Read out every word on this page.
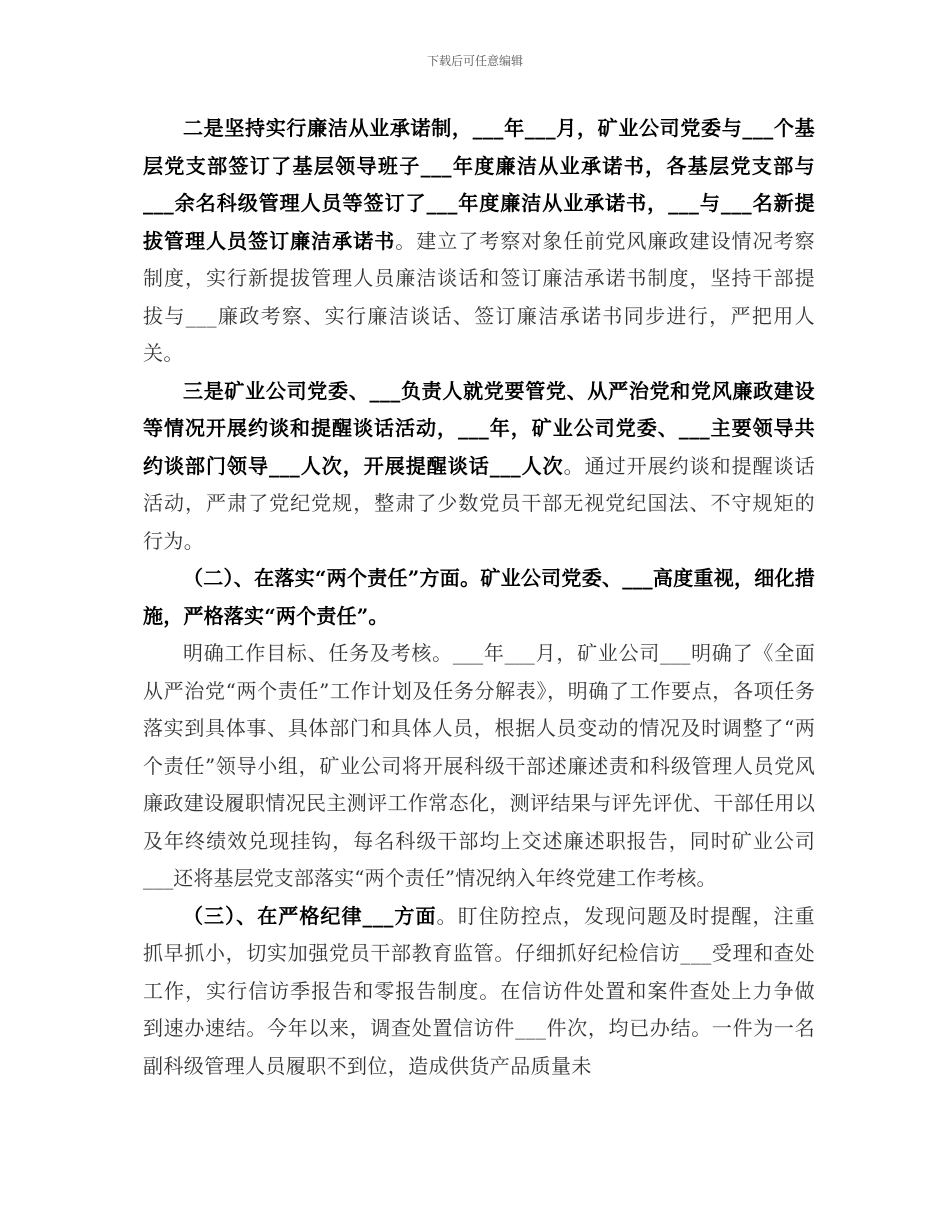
下载后可任意编辑

二是坚持实行廉洁从业承诺制，___年___月，矿业公司党委与___个基层党支部签订了基层领导班子___年度廉洁从业承诺书，各基层党支部与___余名科级管理人员等签订了___年度廉洁从业承诺书，___与___名新提拔管理人员签订廉洁承诺书。建立了考察对象任前党风廉政建设情况考察制度，实行新提拔管理人员廉洁谈话和签订廉洁承诺书制度，坚持干部提拔与___廉政考察、实行廉洁谈话、签订廉洁承诺书同步进行，严把用人关。

三是矿业公司党委、___负责人就党要管党、从严治党和党风廉政建设等情况开展约谈和提醒谈话活动，___年，矿业公司党委、___主要领导共约谈部门领导___人次，开展提醒谈话___人次。通过开展约谈和提醒谈话活动，严肃了党纪党规，整肃了少数党员干部无视党纪国法、不守规矩的行为。

（二）、在落实“两个责任”方面。矿业公司党委、___高度重视，细化措施，严格落实“两个责任”。

明确工作目标、任务及考核。___年___月，矿业公司___明确了《全面从严治党“两个责任”工作计划及任务分解表》，明确了工作要点，各项任务落实到具体事、具体部门和具体人员，根据人员变动的情况及时调整了“两个责任”领导小组，矿业公司将开展科级干部述廉述责和科级管理人员党风廉政建设履职情况民主测评工作常态化，测评结果与评先评优、干部任用以及年终绩效兑现挂钩，每名科级干部均上交述廉述职报告，同时矿业公司___还将基层党支部落实“两个责任”情况纳入年终党建工作考核。

（三）、在严格纪律___方面。盯住防控点，发现问题及时提醒，注重抓早抓小，切实加强党员干部教育监管。仔细抓好纪检信访___受理和查处工作，实行信访季报告和零报告制度。在信访件处置和案件查处上力争做到速办速结。今年以来，调查处置信访件___件次，均已办结。一件为一名副科级管理人员履职不到位，造成供货产品质量未
